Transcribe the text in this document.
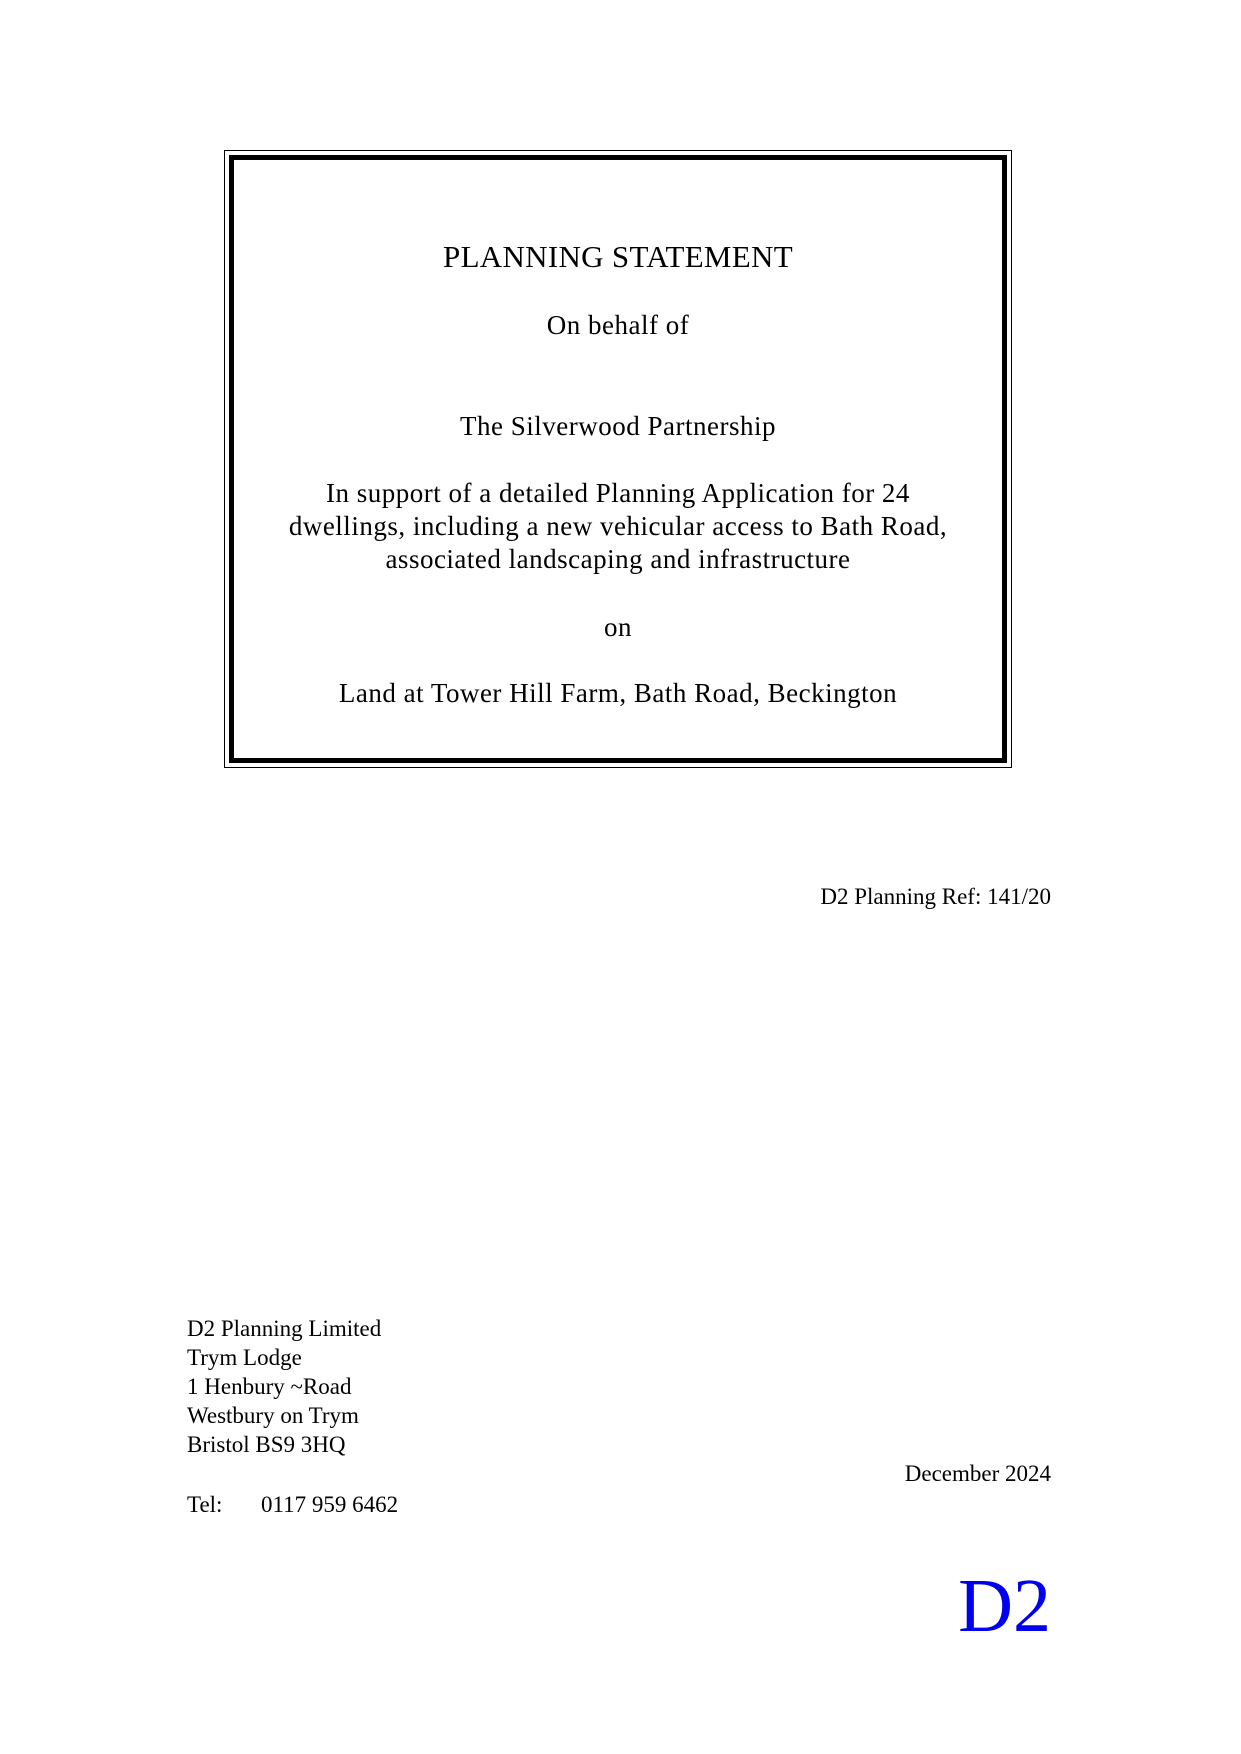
PLANNING STATEMENT
On behalf of
The Silverwood Partnership
In support of a detailed Planning Application for 24
dwellings, including a new vehicular access to Bath Road,
associated landscaping and infrastructure
on
Land at Tower Hill Farm, Bath Road, Beckington
D2 Planning Ref: 141/20
D2 Planning Limited
Trym Lodge
1 Henbury ~Road
Westbury on Trym
Bristol BS9 3HQ
Tel: 0117 959 6462
December 2024
D2
